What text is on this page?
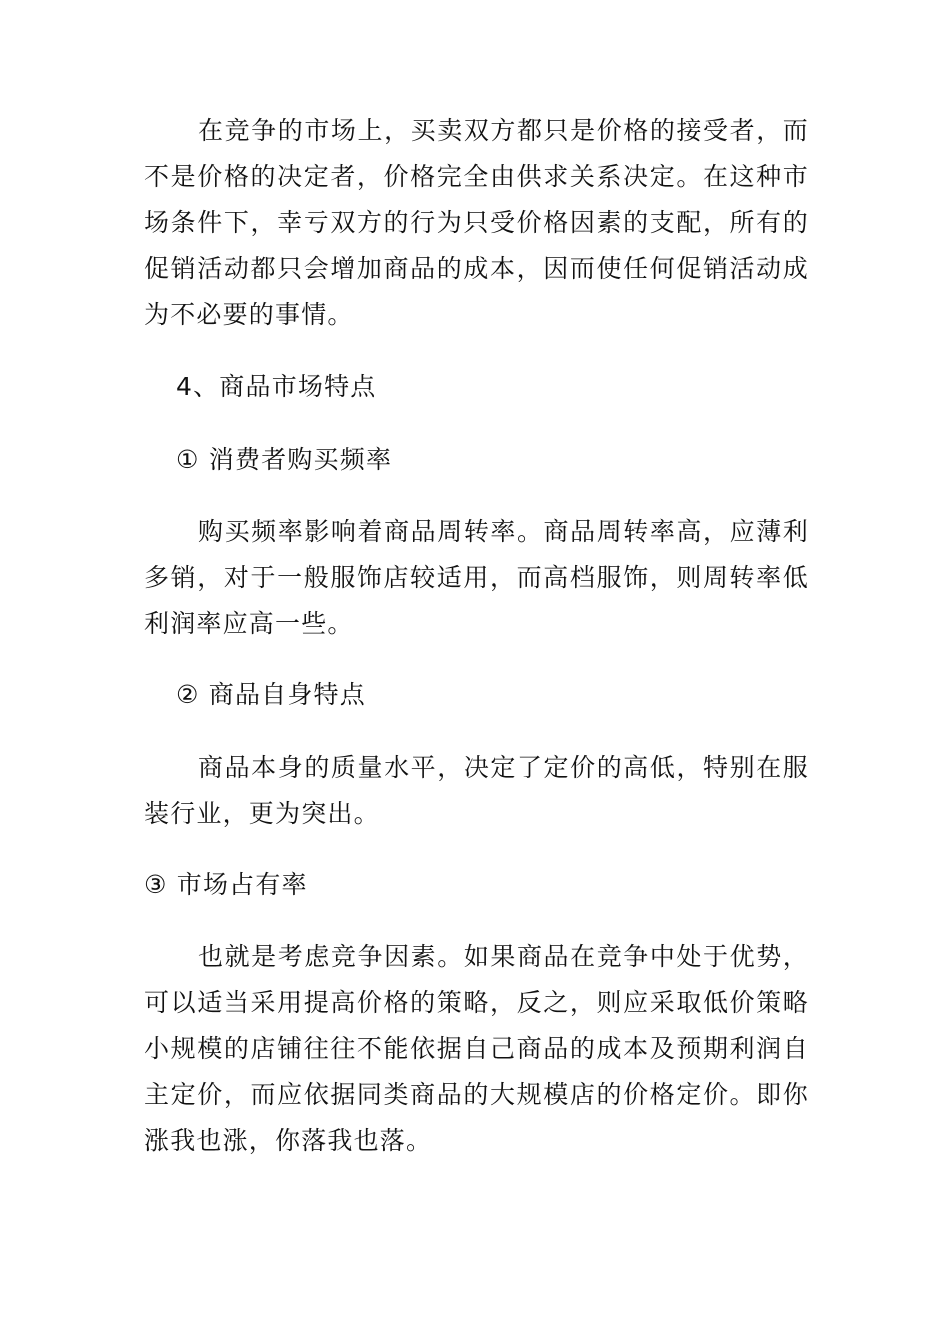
在竞争的市场上，买卖双方都只是价格的接受者，而不是价格的决定者，价格完全由供求关系决定。在这种市场条件下，幸亏双方的行为只受价格因素的支配，所有的促销活动都只会增加商品的成本，因而使任何促销活动成为不必要的事情。

4、商品市场特点

① 消费者购买频率

购买频率影响着商品周转率。商品周转率高，应薄利多销，对于一般服饰店较适用，而高档服饰，则周转率低利润率应高一些。

② 商品自身特点

商品本身的质量水平，决定了定价的高低，特别在服装行业，更为突出。

③ 市场占有率

也就是考虑竞争因素。如果商品在竞争中处于优势，可以适当采用提高价格的策略，反之，则应采取低价策略小规模的店铺往往不能依据自己商品的成本及预期利润自主定价，而应依据同类商品的大规模店的价格定价。即你涨我也涨，你落我也落。
